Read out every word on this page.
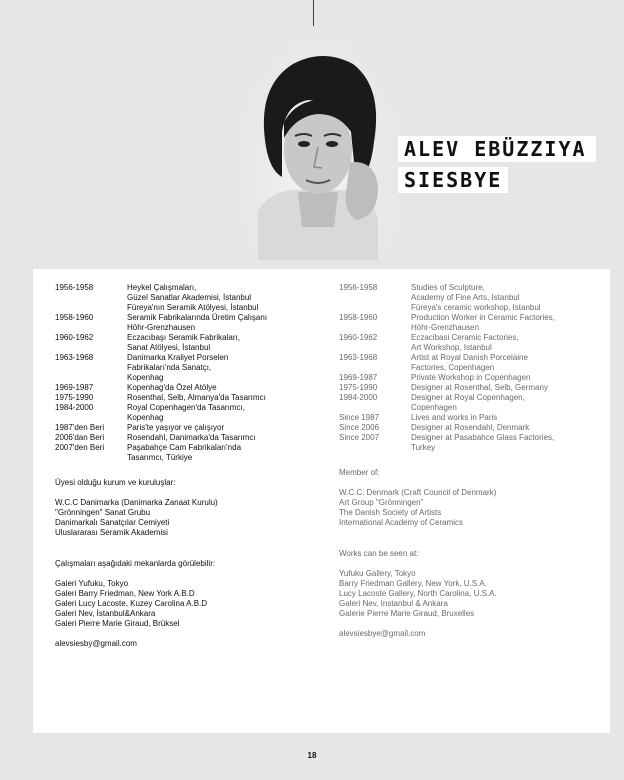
ALEV EBÜZZIYA
SIESBYE
1956-1958	Heykel Çalışmaları,
Güzel Sanatlar Akademisi, İstanbul
Füreya'nın Seramik Atölyesi, İstanbul
1958-1960	Seramik Fabrikalarında Üretim Çalışanı
Höhr-Grenzhausen
1960-1962	Eczacıbaşı Seramik Fabrikaları,
Sanat Atölyesi, İstanbul
1963-1968	Danimarka Kraliyet Porselen
Fabrikaları'nda Sanatçı,
Kopenhag
1969-1987	Kopenhag'da Özel Atölye
1975-1990	Rosenthal, Selb, Almanya'da Tasarımcı
1984-2000	Royal Copenhagen'da Tasarımcı,
Kopenhag
1987'den Beri	Paris'te yaşıyor ve çalışıyor
2006'dan Beri	Rosendahl, Danimarka'da Tasarımcı
2007'den Beri	Paşabahçe Cam Fabrikaları'nda
Tasarımcı, Türkiye
Üyesi olduğu kurum ve kuruluşlar:
W.C.C Danimarka (Danimarka Zanaat Kurulu)
"Grönningen" Sanat Grubu
Danimarkalı Sanatçılar Cemiyeti
Uluslararası Seramik Akademisi
Çalışmaları aşağıdaki mekanlarda görülebilir:
Galeri Yufuku, Tokyo
Galeri Barry Friedman, New York A.B.D
Galeri Lucy Lacoste, Kuzey Carolina A.B.D
Galeri Nev, İstanbul&Ankara
Galeri Pierre Marie Giraud, Brüksel
alevsiesby@gmail.com
1956-1958	Studies of Sculpture,
Academy of Fine Arts, Istanbul
Füreya's ceramic workshop, Istanbul
1958-1960	Production Worker in Ceramic Factories,
Höhr-Grenzhausen
1960-1962	Eczacibasi Ceramic Factories,
Art Workshop, Istanbul
1963-1968	Artist at Royal Danish Porcelaine
Factories, Copenhagen
1969-1987	Private Workshop in Copenhagen
1975-1990	Designer at Rosenthal, Selb, Germany
1984-2000	Designer at Royal Copenhagen,
Copenhagen
Since 1987	Lives and works in Paris
Since 2006	Designer at Rosendahl, Denmark
Since 2007	Designer at Pasabahce Glass Factories,
Turkey
Member of:
W.C.C. Denmark (Craft Council of Denmark)
Art Group "Grönningen"
The Danish Society of Artists
International Academy of Ceramics
Works can be seen at:
Yufuku Gallery, Tokyo
Barry Friedman Gallery, New York, U.S.A.
Lucy Lacoste Gallery, North Carolina, U.S.A.
Galeri Nev, Instanbul & Ankara
Galerie Pierre Marie Giraud, Bruxelles
alevsiesbye@gmail.com
18
